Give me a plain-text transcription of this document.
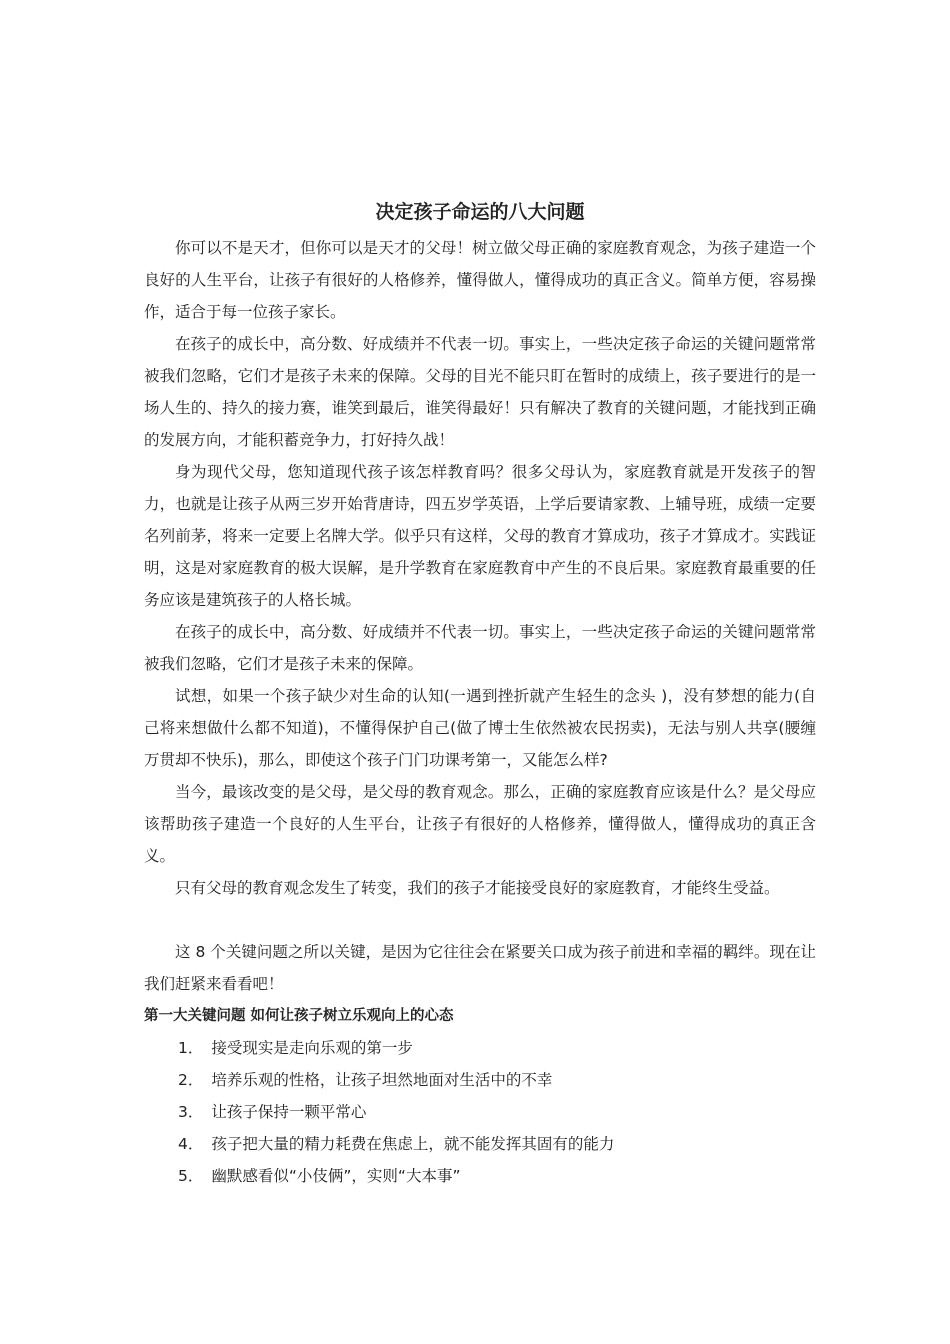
决定孩子命运的八大问题

你可以不是天才，但你可以是天才的父母！树立做父母正确的家庭教育观念，为孩子建造一个良好的人生平台，让孩子有很好的人格修养，懂得做人，懂得成功的真正含义。简单方便，容易操作，适合于每一位孩子家长。

在孩子的成长中，高分数、好成绩并不代表一切。事实上，一些决定孩子命运的关键问题常常被我们忽略，它们才是孩子未来的保障。父母的目光不能只盯在暂时的成绩上，孩子要进行的是一场人生的、持久的接力赛，谁笑到最后，谁笑得最好！只有解决了教育的关键问题，才能找到正确的发展方向，才能积蓄竞争力，打好持久战！

身为现代父母，您知道现代孩子该怎样教育吗？很多父母认为，家庭教育就是开发孩子的智力，也就是让孩子从两三岁开始背唐诗，四五岁学英语，上学后要请家教、上辅导班，成绩一定要名列前茅，将来一定要上名牌大学。似乎只有这样，父母的教育才算成功，孩子才算成才。实践证明，这是对家庭教育的极大误解，是升学教育在家庭教育中产生的不良后果。家庭教育最重要的任务应该是建筑孩子的人格长城。

在孩子的成长中，高分数、好成绩并不代表一切。事实上，一些决定孩子命运的关键问题常常被我们忽略，它们才是孩子未来的保障。

试想，如果一个孩子缺少对生命的认知(一遇到挫折就产生轻生的念头 )，没有梦想的能力(自己将来想做什么都不知道)，不懂得保护自己(做了博士生依然被农民拐卖)，无法与别人共享(腰缠万贯却不快乐)，那么，即使这个孩子门门功课考第一，又能怎么样?

当今，最该改变的是父母，是父母的教育观念。那么，正确的家庭教育应该是什么？是父母应该帮助孩子建造一个良好的人生平台，让孩子有很好的人格修养，懂得做人，懂得成功的真正含义。

只有父母的教育观念发生了转变，我们的孩子才能接受良好的家庭教育，才能终生受益。

这 8 个关键问题之所以关键，是因为它往往会在紧要关口成为孩子前进和幸福的羁绊。现在让我们赶紧来看看吧！

第一大关键问题 如何让孩子树立乐观向上的心态
1． 接受现实是走向乐观的第一步
2． 培养乐观的性格，让孩子坦然地面对生活中的不幸
3． 让孩子保持一颗平常心
4． 孩子把大量的精力耗费在焦虑上，就不能发挥其固有的能力
5． 幽默感看似“小伎俩”，实则“大本事”
